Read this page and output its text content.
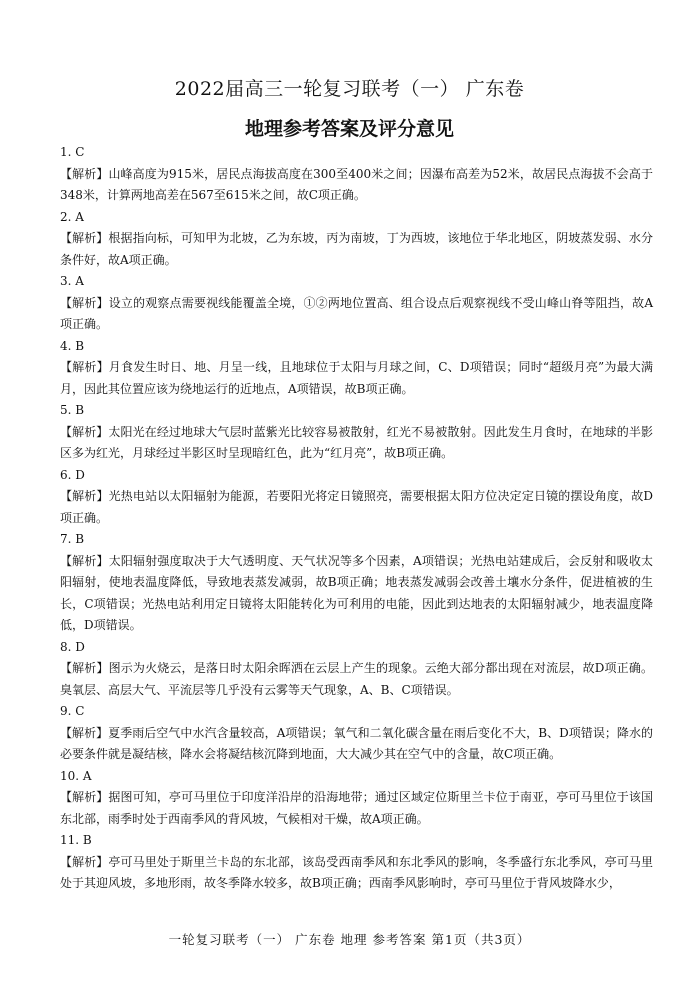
2022届高三一轮复习联考（一） 广东卷
地理参考答案及评分意见
1. C
【解析】山峰高度为915米，居民点海拔高度在300至400米之间；因瀑布高差为52米，故居民点海拔不会高于348米，计算两地高差在567至615米之间，故C项正确。
2. A
【解析】根据指向标，可知甲为北坡，乙为东坡，丙为南坡，丁为西坡，该地位于华北地区，阴坡蒸发弱、水分条件好，故A项正确。
3. A
【解析】设立的观察点需要视线能覆盖全境，①②两地位置高、组合设点后观察视线不受山峰山脊等阻挡，故A项正确。
4. B
【解析】月食发生时日、地、月呈一线，且地球位于太阳与月球之间，C、D项错误；同时“超级月亮”为最大满月，因此其位置应该为绕地运行的近地点，A项错误，故B项正确。
5. B
【解析】太阳光在经过地球大气层时蓝紫光比较容易被散射，红光不易被散射。因此发生月食时，在地球的半影区多为红光，月球经过半影区时呈现暗红色，此为“红月亮”，故B项正确。
6. D
【解析】光热电站以太阳辐射为能源，若要阳光将定日镜照亮，需要根据太阳方位决定定日镜的摆设角度，故D项正确。
7. B
【解析】太阳辐射强度取决于大气透明度、天气状况等多个因素，A项错误；光热电站建成后，会反射和吸收太阳辐射，使地表温度降低，导致地表蒸发减弱，故B项正确；地表蒸发减弱会改善土壤水分条件，促进植被的生长，C项错误；光热电站利用定日镜将太阳能转化为可利用的电能，因此到达地表的太阳辐射减少，地表温度降低，D项错误。
8. D
【解析】图示为火烧云，是落日时太阳余晖洒在云层上产生的现象。云绝大部分都出现在对流层，故D项正确。臭氧层、高层大气、平流层等几乎没有云雾等天气现象，A、B、C项错误。
9. C
【解析】夏季雨后空气中水汽含量较高，A项错误；氧气和二氧化碳含量在雨后变化不大，B、D项错误；降水的必要条件就是凝结核，降水会将凝结核沉降到地面，大大减少其在空气中的含量，故C项正确。
10. A
【解析】据图可知，亭可马里位于印度洋沿岸的沿海地带；通过区域定位斯里兰卡位于南亚，亭可马里位于该国东北部，雨季时处于西南季风的背风坡，气候相对干燥，故A项正确。
11. B
【解析】亭可马里处于斯里兰卡岛的东北部，该岛受西南季风和东北季风的影响，冬季盛行东北季风，亭可马里处于其迎风坡，多地形雨，故冬季降水较多，故B项正确；西南季风影响时，亭可马里位于背风坡降水少，
一轮复习联考（一） 广东卷 地理 参考答案 第1页（共3页）
